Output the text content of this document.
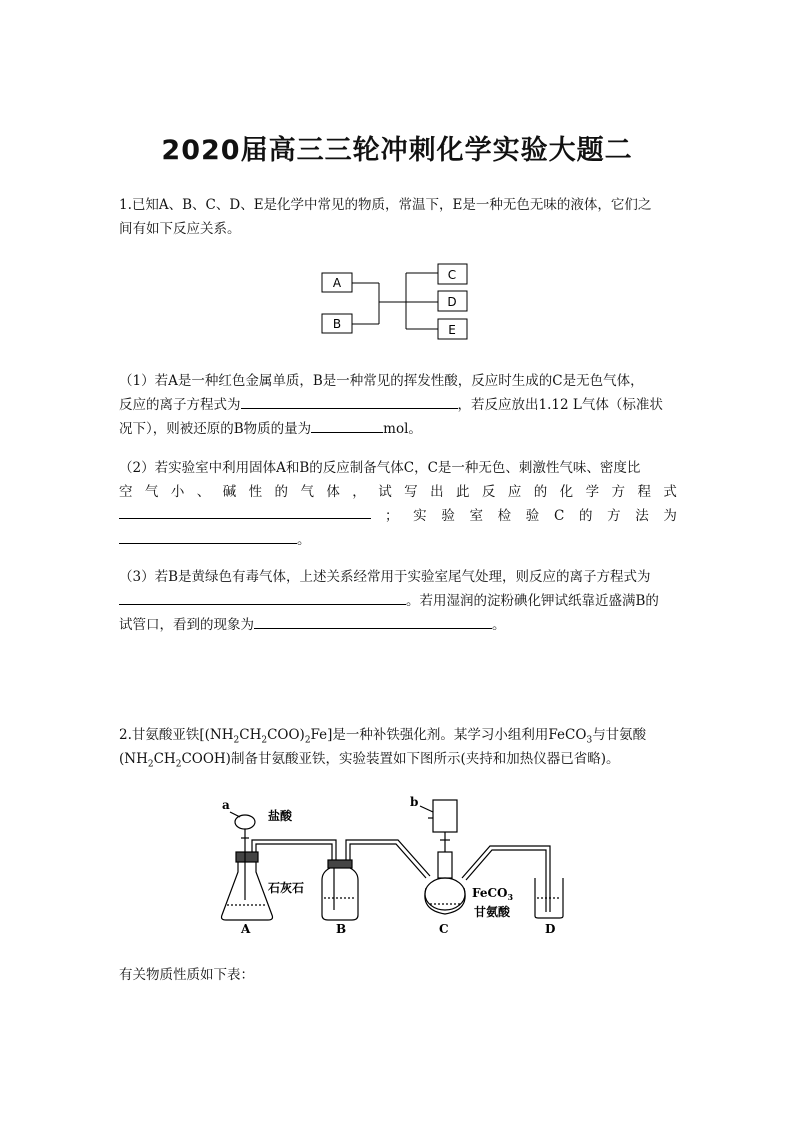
2020届高三三轮冲刺化学实验大题二
1.已知A、B、C、D、E是化学中常见的物质，常温下，E是一种无色无味的液体，它们之
间有如下反应关系。
A
B
C
D
E
（1）若A是一种红色金属单质，B是一种常见的挥发性酸，反应时生成的C是无色气体，
反应的离子方程式为	，若反应放出1.12 L气体（标准状
况下），则被还原的B物质的量为	mol。
（2）若实验室中利用固体A和B的反应制备气体C，C是一种无色、刺激性气味、密度比
空 气 小 、 碱 性 的 气 体 ， 试 写 出 此 反 应 的 化 学 方 程 式
； 实 验 室 检 验 C 的 方 法 为
。
（3）若B是黄绿色有毒气体，上述关系经常用于实验室尾气处理，则反应的离子方程式为
。若用湿润的淀粉碘化钾试纸靠近盛满B的
试管口，看到的现象为	。
2.甘氨酸亚铁$[(NH_2CH_2COO)_2Fe]$是一种补铁强化剂。某学习小组利用FeCO$_3$与甘氨酸
$(NH_2CH_2COOH)$制备甘氨酸亚铁，实验装置如下图所示(夹持和加热仪器已省略)。
a
盐酸
石灰石
b
FeCO$_3$
甘氨酸
A	B	C	D
有关物质性质如下表：
